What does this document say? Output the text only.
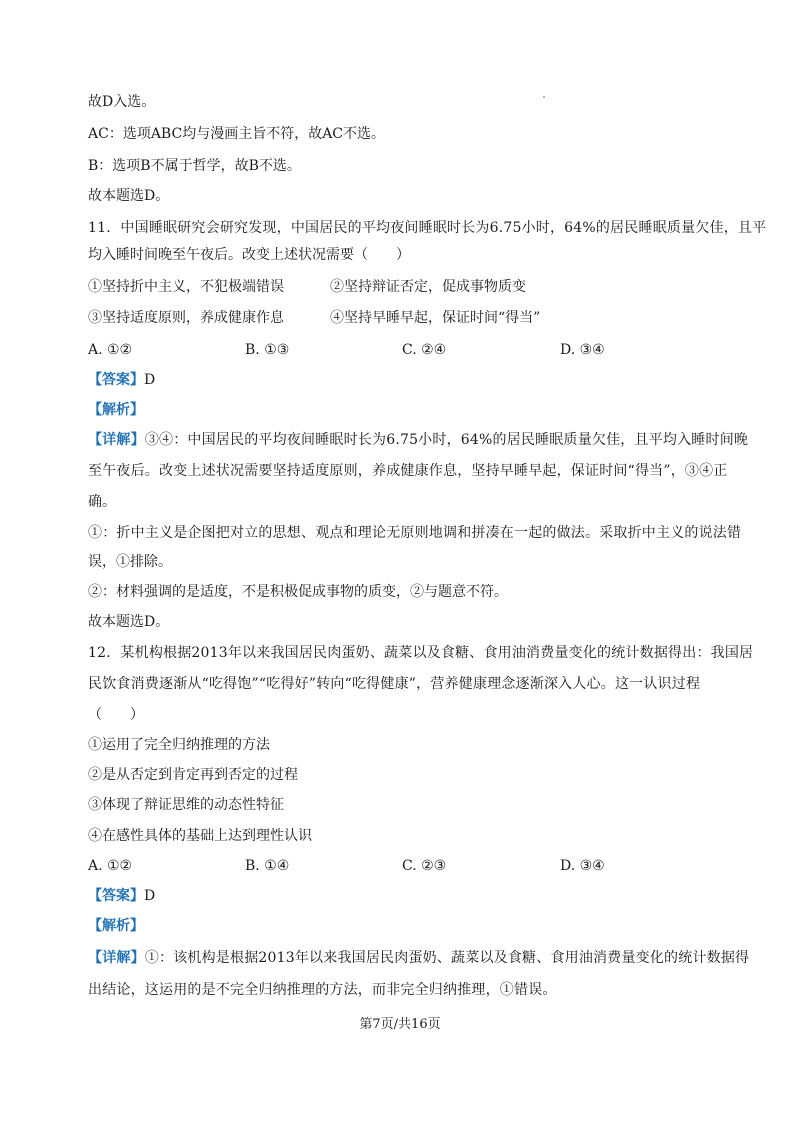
故D入选。
AC：选项ABC均与漫画主旨不符，故AC不选。
B：选项B不属于哲学，故B不选。
故本题选D。
11．中国睡眠研究会研究发现，中国居民的平均夜间睡眠时长为6.75小时，64%的居民睡眠质量欠佳，且平
均入睡时间晚至午夜后。改变上述状况需要（　　）
①坚持折中主义，不犯极端错误	②坚持辩证否定，促成事物质变
③坚持适度原则，养成健康作息	④坚持早睡早起，保证时间“得当”
A. ①②	B. ①③	C. ②④	D. ③④
【答案】D
【解析】
【详解】③④：中国居民的平均夜间睡眠时长为6.75小时，64%的居民睡眠质量欠佳，且平均入睡时间晚
至午夜后。改变上述状况需要坚持适度原则，养成健康作息，坚持早睡早起，保证时间“得当”，③④正
确。
①：折中主义是企图把对立的思想、观点和理论无原则地调和拼凑在一起的做法。采取折中主义的说法错
误，①排除。
②：材料强调的是适度，不是积极促成事物的质变，②与题意不符。
故本题选D。
12．某机构根据2013年以来我国居民肉蛋奶、蔬菜以及食糖、食用油消费量变化的统计数据得出：我国居
民饮食消费逐渐从“吃得饱”“吃得好”转向“吃得健康”，营养健康理念逐渐深入人心。这一认识过程
（　　）
①运用了完全归纳推理的方法
②是从否定到肯定再到否定的过程
③体现了辩证思维的动态性特征
④在感性具体的基础上达到理性认识
A. ①②	B. ①④	C. ②③	D. ③④
【答案】D
【解析】
【详解】①：该机构是根据2013年以来我国居民肉蛋奶、蔬菜以及食糖、食用油消费量变化的统计数据得
出结论，这运用的是不完全归纳推理的方法，而非完全归纳推理，①错误。
第7页/共16页
